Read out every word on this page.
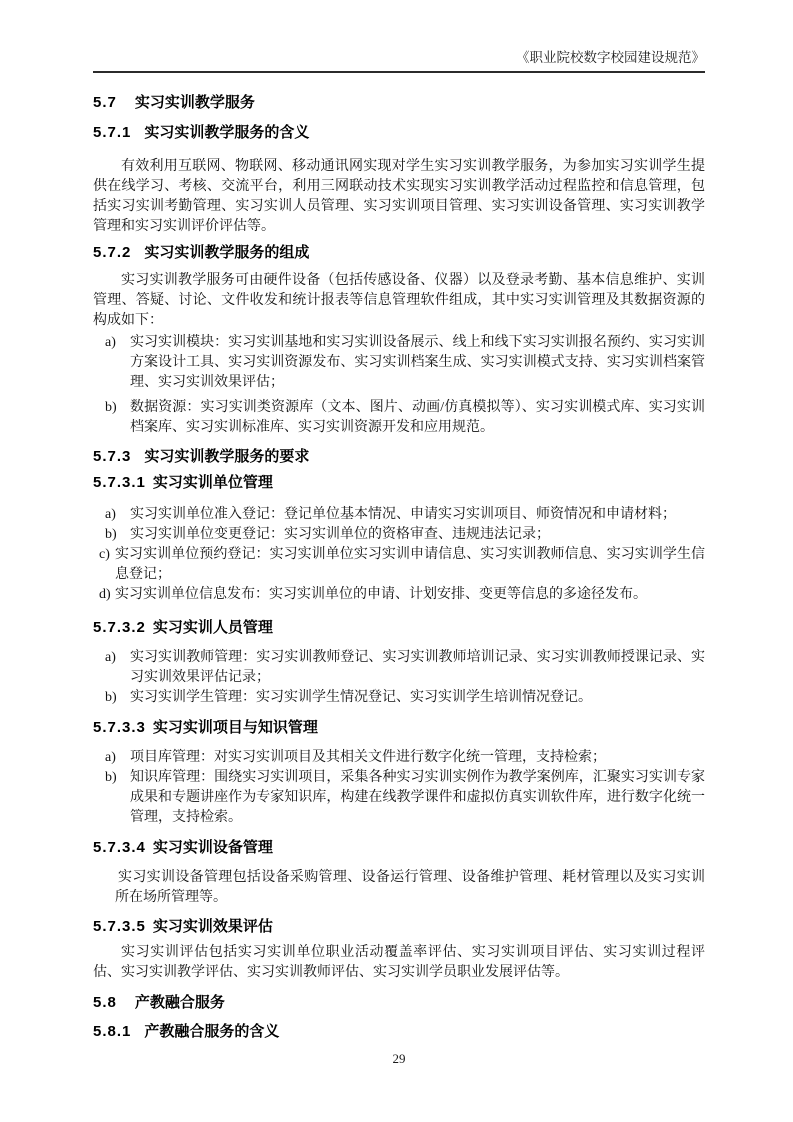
《职业院校数字校园建设规范》
5.7 实习实训教学服务
5.7.1 实习实训教学服务的含义

有效利用互联网、物联网、移动通讯网实现对学生实习实训教学服务，为参加实习实训学生提供在线学习、考核、交流平台，利用三网联动技术实现实习实训教学活动过程监控和信息管理，包括实习实训考勤管理、实习实训人员管理、实习实训项目管理、实习实训设备管理、实习实训教学管理和实习实训评价评估等。

5.7.2 实习实训教学服务的组成

实习实训教学服务可由硬件设备（包括传感设备、仪器）以及登录考勤、基本信息维护、实训管理、答疑、讨论、文件收发和统计报表等信息管理软件组成，其中实习实训管理及其数据资源的构成如下：

a)	实习实训模块：实习实训基地和实习实训设备展示、线上和线下实习实训报名预约、实习实训方案设计工具、实习实训资源发布、实习实训档案生成、实习实训模式支持、实习实训档案管理、实习实训效果评估；
b) 数据资源：实习实训类资源库（文本、图片、动画/仿真模拟等）、实习实训模式库、实习实训档案库、实习实训标准库、实习实训资源开发和应用规范。
5.7.3 实习实训教学服务的要求
5.7.3.1 实习实训单位管理
a)	实习实训单位准入登记：登记单位基本情况、申请实习实训项目、师资情况和申请材料；
b) 实习实训单位变更登记：实习实训单位的资格审查、违规违法记录；
c) 实习实训单位预约登记：实习实训单位实习实训申请信息、实习实训教师信息、实习实训学生信息登记；
d) 实习实训单位信息发布：实习实训单位的申请、计划安排、变更等信息的多途径发布。
5.7.3.2 实习实训人员管理
a)	实习实训教师管理：实习实训教师登记、实习实训教师培训记录、实习实训教师授课记录、实习实训效果评估记录；
b) 实习实训学生管理：实习实训学生情况登记、实习实训学生培训情况登记。
5.7.3.3 实习实训项目与知识管理
a)	项目库管理：对实习实训项目及其相关文件进行数字化统一管理，支持检索；
b) 知识库管理：围绕实习实训项目，采集各种实习实训实例作为教学案例库，汇聚实习实训专家成果和专题讲座作为专家知识库，构建在线教学课件和虚拟仿真实训软件库，进行数字化统一管理，支持检索。
5.7.3.4 实习实训设备管理

实习实训设备管理包括设备采购管理、设备运行管理、设备维护管理、耗材管理以及实习实训所在场所管理等。

5.7.3.5 实习实训效果评估

实习实训评估包括实习实训单位职业活动覆盖率评估、实习实训项目评估、实习实训过程评估、实习实训教学评估、实习实训教师评估、实习实训学员职业发展评估等。

5.8 产教融合服务
5.8.1 产教融合服务的含义
29
